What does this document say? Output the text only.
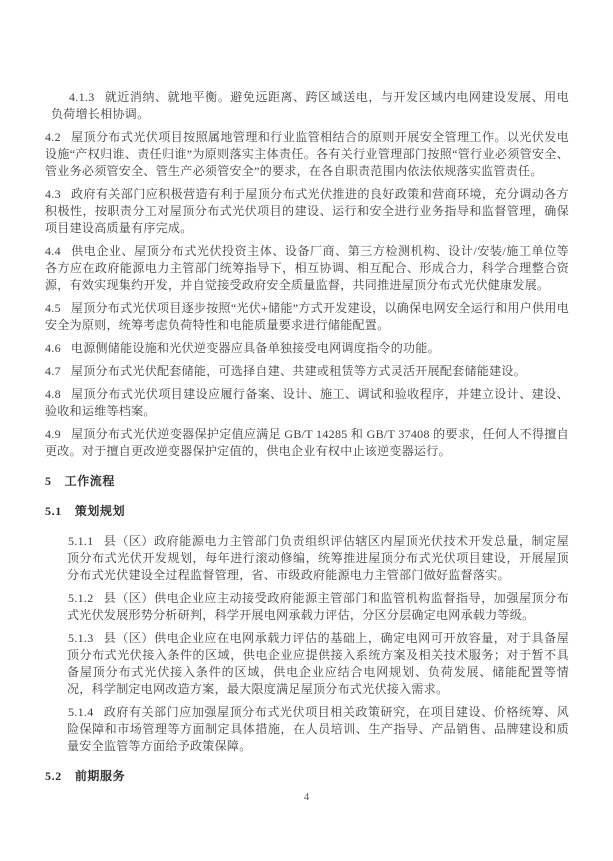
4.1.3 就近消纳、就地平衡。避免远距离、跨区域送电，与开发区域内电网建设发展、用电负荷增长相协调。

4.2 屋顶分布式光伏项目按照属地管理和行业监管相结合的原则开展安全管理工作。以光伏发电设施“产权归谁、责任归谁”为原则落实主体责任。各有关行业管理部门按照“管行业必须管安全、管业务必须管安全、管生产必须管安全”的要求，在各自职责范围内依法依规落实监管责任。

4.3 政府有关部门应积极营造有利于屋顶分布式光伏推进的良好政策和营商环境，充分调动各方积极性，按职责分工对屋顶分布式光伏项目的建设、运行和安全进行业务指导和监督管理，确保项目建设高质量有序完成。

4.4 供电企业、屋顶分布式光伏投资主体、设备厂商、第三方检测机构、设计/安装/施工单位等各方应在政府能源电力主管部门统筹指导下，相互协调、相互配合、形成合力，科学合理整合资源，有效实现集约开发，并自觉接受政府安全质量监督，共同推进屋顶分布式光伏健康发展。

4.5 屋顶分布式光伏项目逐步按照“光伏+储能”方式开发建设，以确保电网安全运行和用户供用电安全为原则，统筹考虑负荷特性和电能质量要求进行储能配置。

4.6 电源侧储能设施和光伏逆变器应具备单独接受电网调度指令的功能。

4.7 屋顶分布式光伏配套储能，可选择自建、共建或租赁等方式灵活开展配套储能建设。

4.8 屋顶分布式光伏项目建设应履行备案、设计、施工、调试和验收程序，并建立设计、建设、验收和运维等档案。

4.9 屋顶分布式光伏逆变器保护定值应满足 GB/T 14285 和 GB/T 37408 的要求，任何人不得擅自更改。对于擅自更改逆变器保护定值的，供电企业有权中止该逆变器运行。

5 工作流程

5.1 策划规划

5.1.1 县（区）政府能源电力主管部门负责组织评估辖区内屋顶光伏技术开发总量，制定屋顶分布式光伏开发规划，每年进行滚动修编，统筹推进屋顶分布式光伏项目建设，开展屋顶分布式光伏建设全过程监督管理，省、市级政府能源电力主管部门做好监督落实。

5.1.2 县（区）供电企业应主动接受政府能源主管部门和监管机构监督指导，加强屋顶分布式光伏发展形势分析研判，科学开展电网承载力评估，分区分层确定电网承载力等级。

5.1.3 县（区）供电企业应在电网承载力评估的基础上，确定电网可开放容量，对于具备屋顶分布式光伏接入条件的区域，供电企业应提供接入系统方案及相关技术服务；对于暂不具备屋顶分布式光伏接入条件的区域，供电企业应结合电网规划、负荷发展、储能配置等情况，科学制定电网改造方案，最大限度满足屋顶分布式光伏接入需求。

5.1.4 政府有关部门应加强屋顶分布式光伏项目相关政策研究，在项目建设、价格统筹、风险保障和市场管理等方面制定具体措施，在人员培训、生产指导、产品销售、品牌建设和质量安全监管等方面给予政策保障。

5.2 前期服务

4
